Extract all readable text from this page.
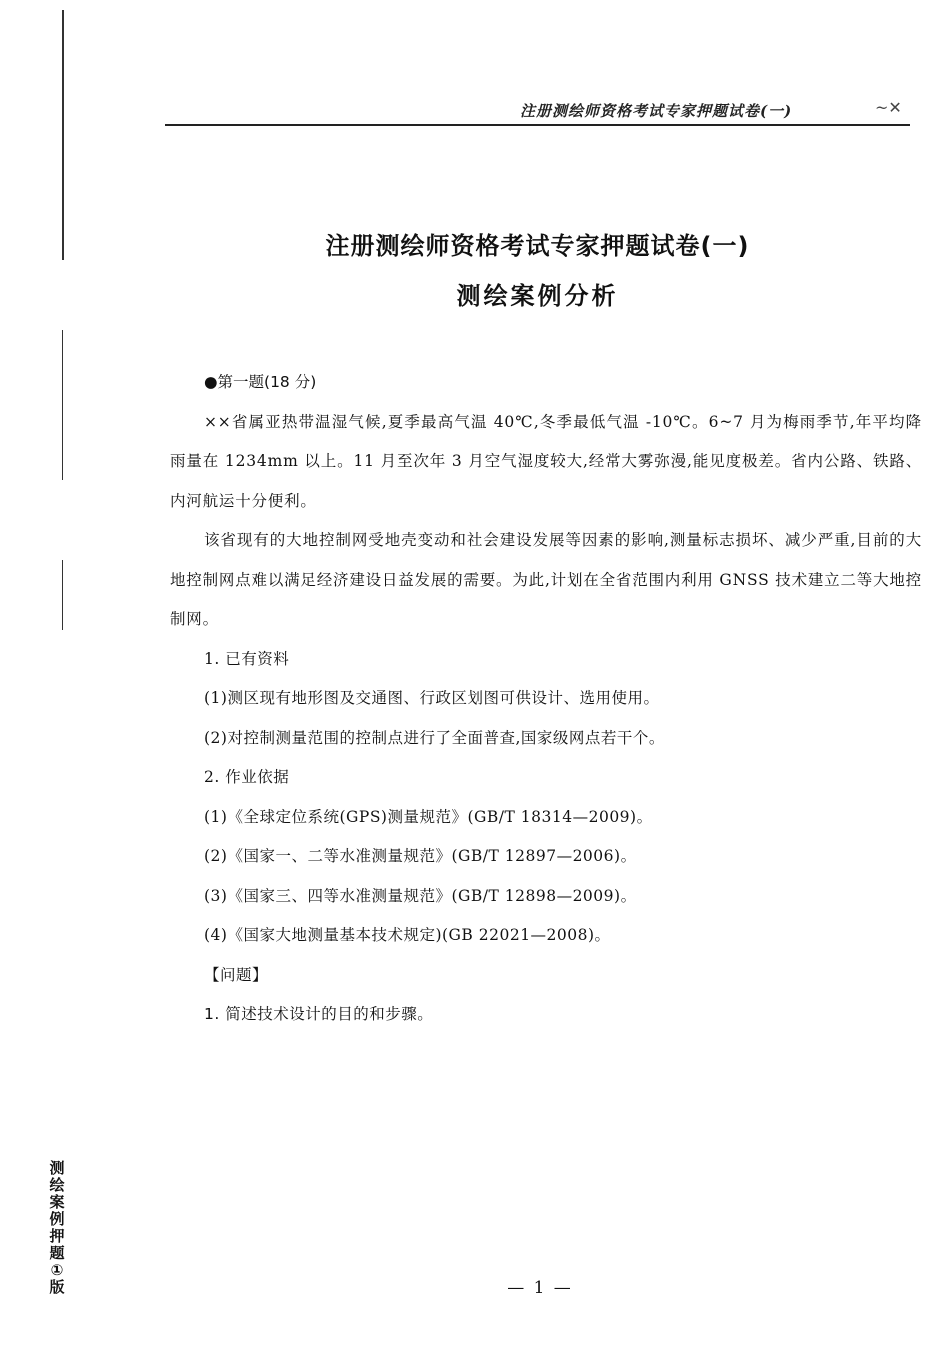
注册测绘师资格考试专家押题试卷(一)	~✕
注册测绘师资格考试专家押题试卷(一)
测绘案例分析

●第一题(18 分)

××省属亚热带温湿气候,夏季最高气温 40℃,冬季最低气温 -10℃。6~7 月为梅雨季节,年平均降雨量在 1234mm 以上。11 月至次年 3 月空气湿度较大,经常大雾弥漫,能见度极差。省内公路、铁路、内河航运十分便利。

该省现有的大地控制网受地壳变动和社会建设发展等因素的影响,测量标志损坏、减少严重,目前的大地控制网点难以满足经济建设日益发展的需要。为此,计划在全省范围内利用 GNSS 技术建立二等大地控制网。

1. 已有资料

(1)测区现有地形图及交通图、行政区划图可供设计、选用使用。

(2)对控制测量范围的控制点进行了全面普查,国家级网点若干个。

2. 作业依据

(1)《全球定位系统(GPS)测量规范》(GB/T 18314—2009)。

(2)《国家一、二等水准测量规范》(GB/T 12897—2006)。

(3)《国家三、四等水准测量规范》(GB/T 12898—2009)。

(4)《国家大地测量基本技术规定)(GB 22021—2008)。

【问题】

1. 简述技术设计的目的和步骤。

测绘案例押题①版	— 1 —
